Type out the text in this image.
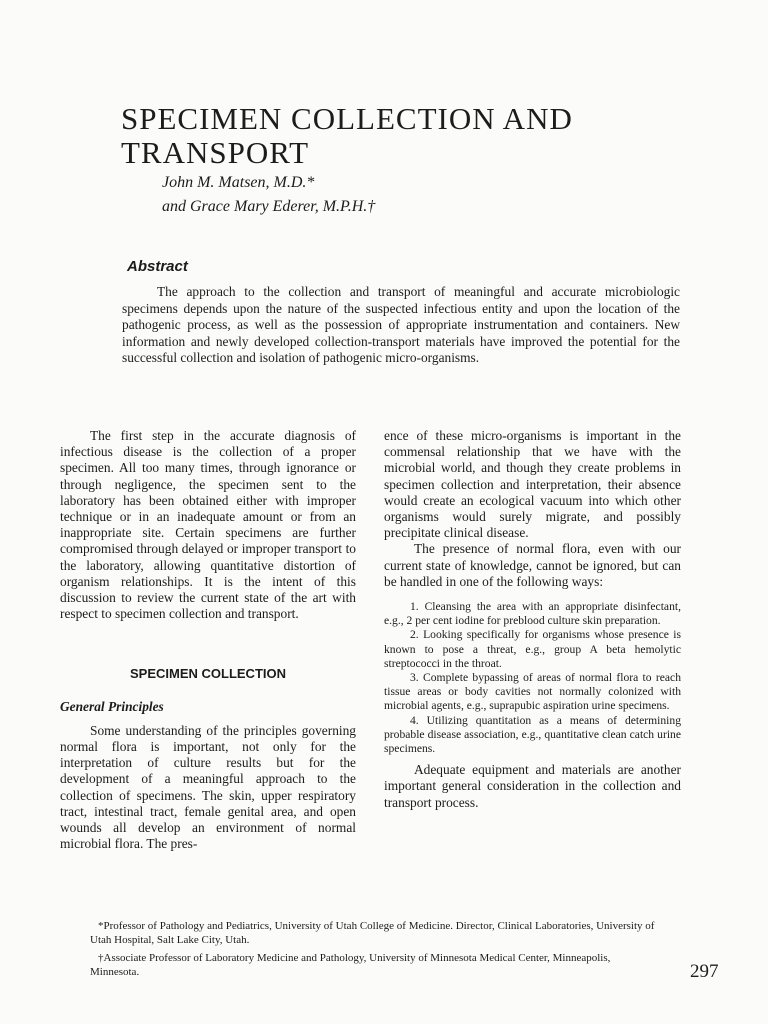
SPECIMEN COLLECTION AND TRANSPORT
John M. Matsen, M.D.*
and Grace Mary Ederer, M.P.H.†
Abstract

The approach to the collection and transport of meaningful and accurate microbiologic specimens depends upon the nature of the suspected infectious entity and upon the location of the pathogenic process, as well as the possession of appropriate instrumentation and containers. New information and newly developed collection-transport materials have improved the potential for the successful collection and isolation of pathogenic micro-organisms.

The first step in the accurate diagnosis of infectious disease is the collection of a proper specimen. All too many times, through ignorance or through negligence, the specimen sent to the laboratory has been obtained either with improper technique or in an inadequate amount or from an inappropriate site. Certain specimens are further compromised through delayed or improper transport to the laboratory, allowing quantitative distortion of organism relationships. It is the intent of this discussion to review the current state of the art with respect to specimen collection and transport.

SPECIMEN COLLECTION
General Principles

Some understanding of the principles governing normal flora is important, not only for the interpretation of culture results but for the development of a meaningful approach to the collection of specimens. The skin, upper respiratory tract, intestinal tract, female genital area, and open wounds all develop an environment of normal microbial flora. The pres-

ence of these micro-organisms is important in the commensal relationship that we have with the microbial world, and though they create problems in specimen collection and interpretation, their absence would create an ecological vacuum into which other organisms would surely migrate, and possibly precipitate clinical disease.

The presence of normal flora, even with our current state of knowledge, cannot be ignored, but can be handled in one of the following ways:

1. Cleansing the area with an appropriate disinfectant, e.g., 2 per cent iodine for preblood culture skin preparation.

2. Looking specifically for organisms whose presence is known to pose a threat, e.g., group A beta hemolytic streptococci in the throat.

3. Complete bypassing of areas of normal flora to reach tissue areas or body cavities not normally colonized with microbial agents, e.g., suprapubic aspiration urine specimens.

4. Utilizing quantitation as a means of determining probable disease association, e.g., quantitative clean catch urine specimens.

Adequate equipment and materials are another important general consideration in the collection and transport process.

*Professor of Pathology and Pediatrics, University of Utah College of Medicine. Director, Clinical Laboratories, University of Utah Hospital, Salt Lake City, Utah.

†Associate Professor of Laboratory Medicine and Pathology, University of Minnesota Medical Center, Minneapolis, Minnesota.	297
